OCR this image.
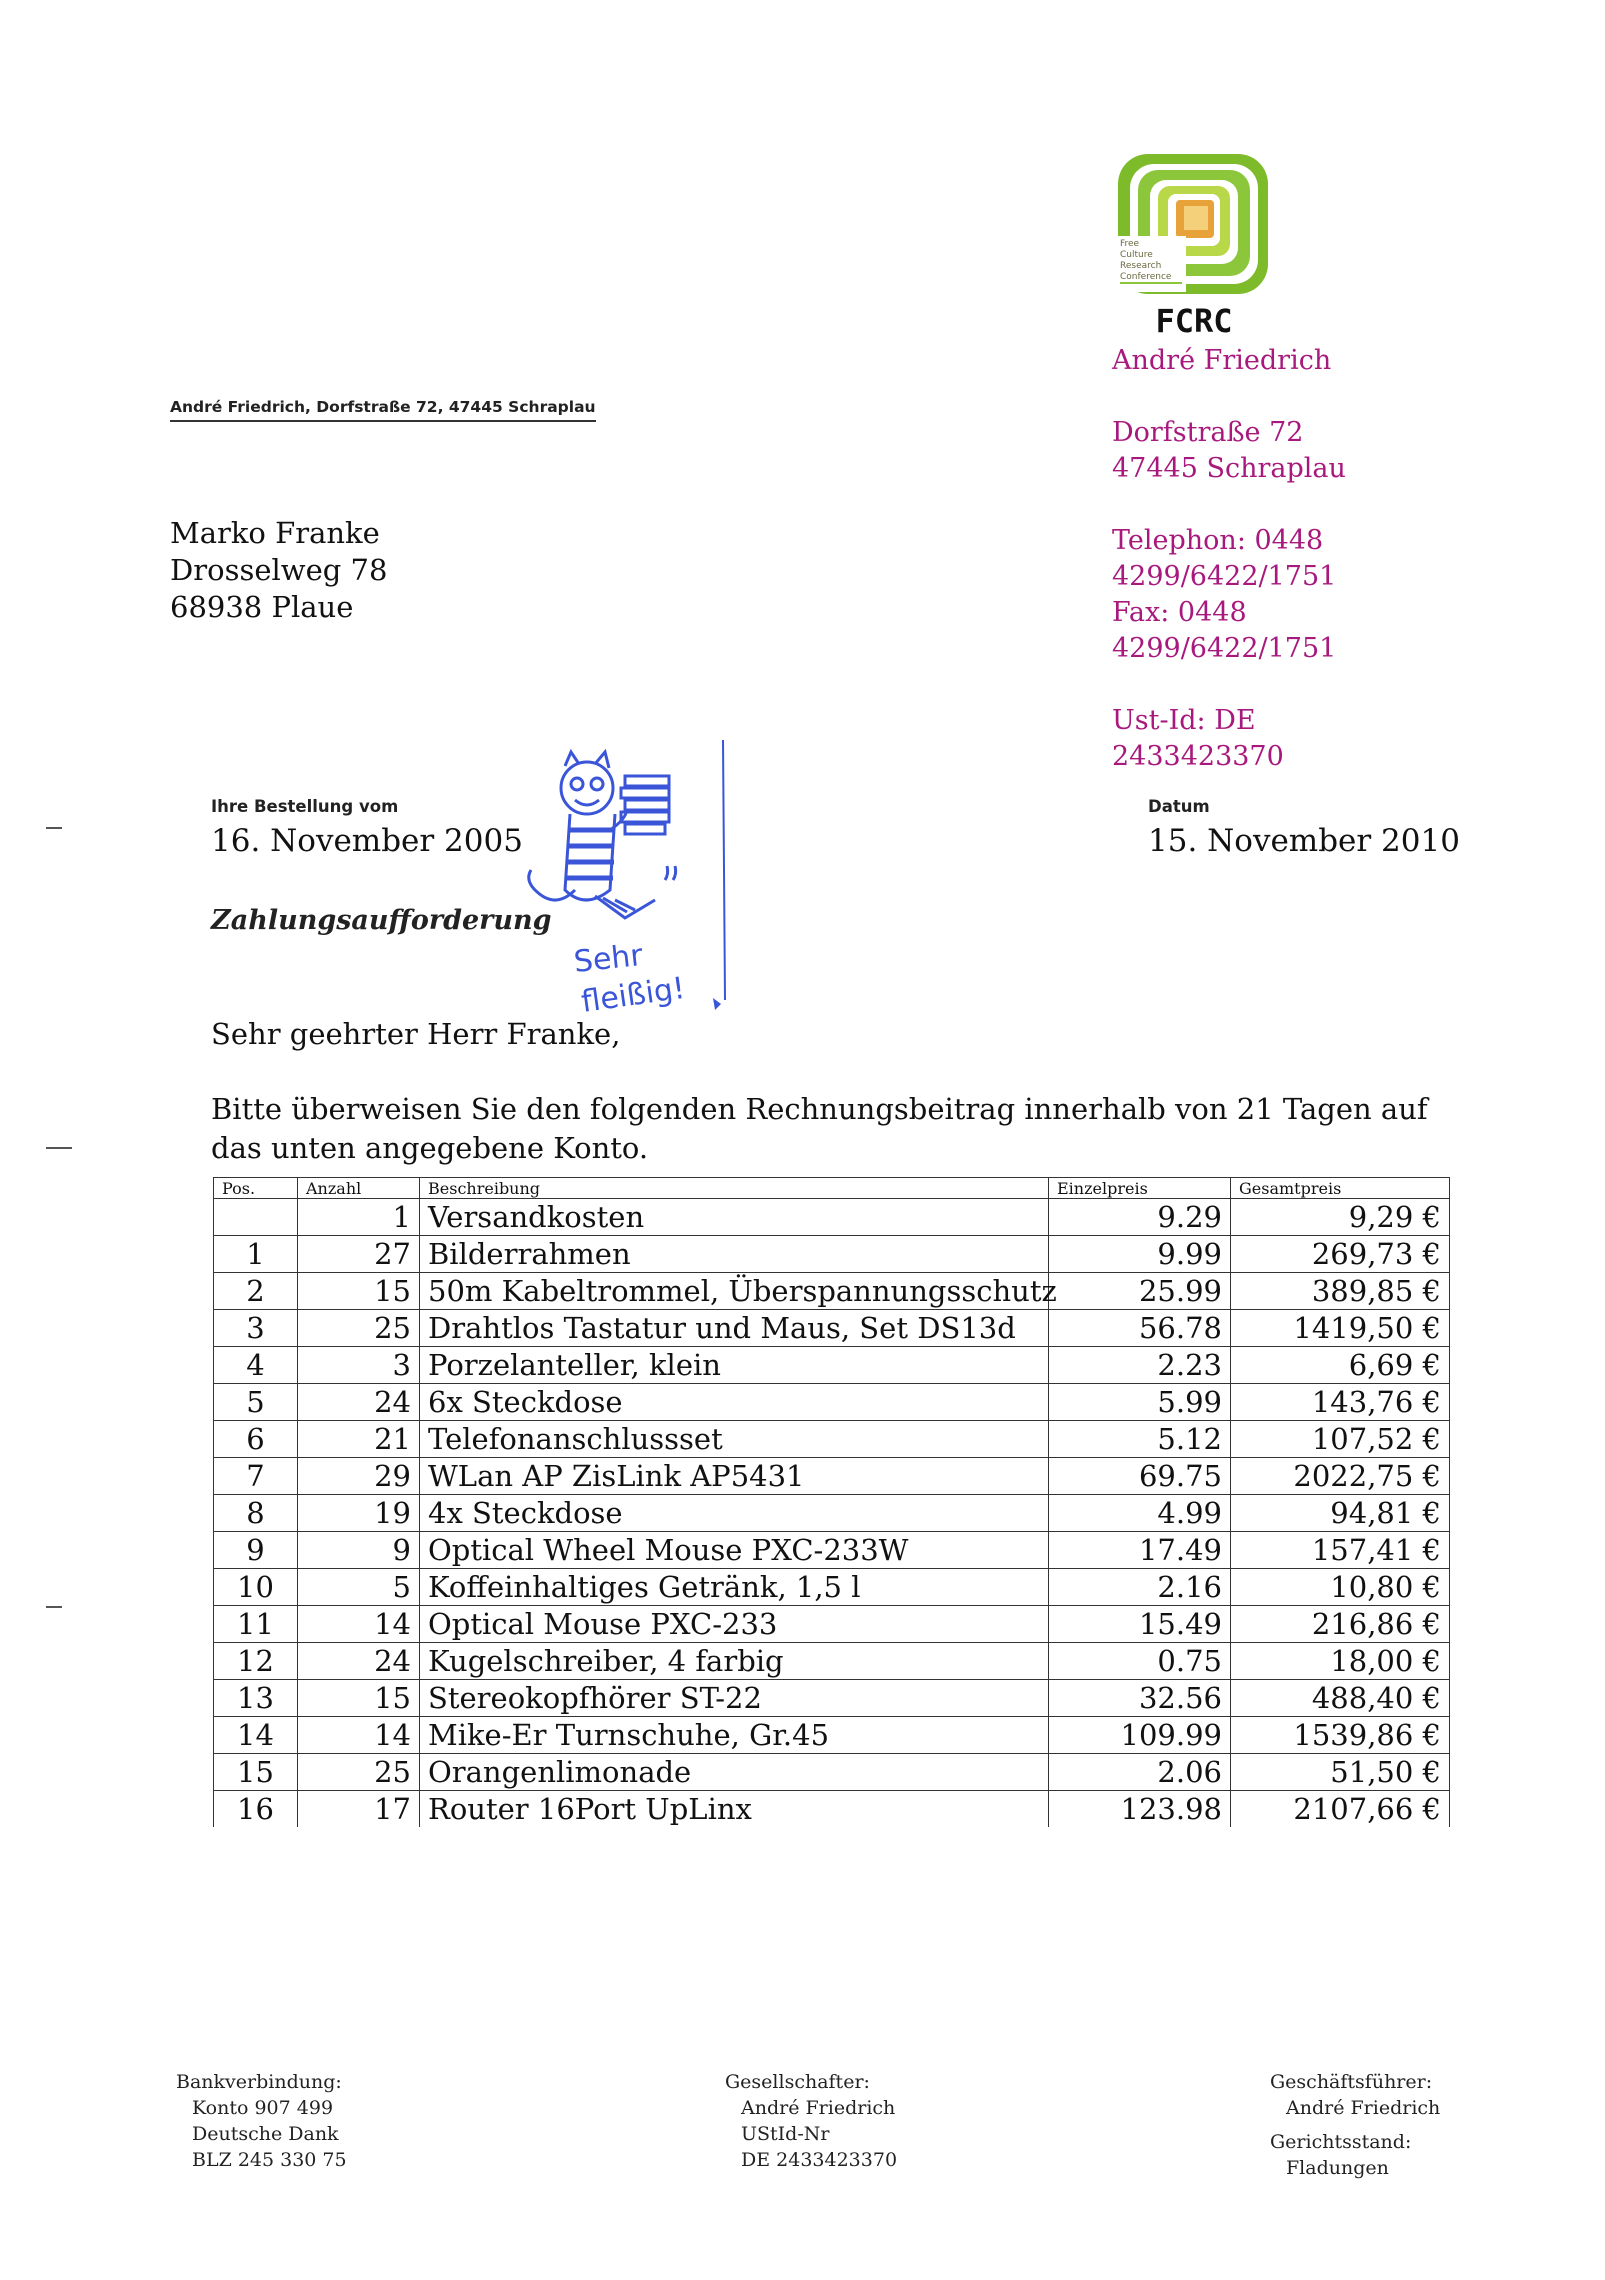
André Friedrich, Dorfstraße 72, 47445 Schraplau
Marko Franke
Drosselweg 78
68938 Plaue
Free
Culture
Research
Conference
FCRC
André Friedrich
Dorfstraße 72
47445 Schraplau
Telephon: 0448
4299/6422/1751
Fax: 0448
4299/6422/1751
Ust-Id: DE
2433423370
Ihre Bestellung vom
16. November 2005
Datum
15. November 2010
Sehr
fleißig!
Zahlungsaufforderung
Sehr geehrter Herr Franke,
Bitte überweisen Sie den folgenden Rechnungsbeitrag innerhalb von 21 Tagen auf das unten angegebene Konto.
Pos.	Anzahl	Beschreibung	Einzelpreis	Gesamtpreis
	1	Versandkosten	9.29	9,29 €
1	27	Bilderrahmen	9.99	269,73 €
2	15	50m Kabeltrommel, Überspannungsschutz	25.99	389,85 €
3	25	Drahtlos Tastatur und Maus, Set DS13d	56.78	1419,50 €
4	3	Porzelanteller, klein	2.23	6,69 €
5	24	6x Steckdose	5.99	143,76 €
6	21	Telefonanschlussset	5.12	107,52 €
7	29	WLan AP ZisLink AP5431	69.75	2022,75 €
8	19	4x Steckdose	4.99	94,81 €
9	9	Optical Wheel Mouse PXC-233W	17.49	157,41 €
10	5	Koffeinhaltiges Getränk, 1,5 l	2.16	10,80 €
11	14	Optical Mouse PXC-233	15.49	216,86 €
12	24	Kugelschreiber, 4 farbig	0.75	18,00 €
13	15	Stereokopfhörer ST-22	32.56	488,40 €
14	14	Mike-Er Turnschuhe, Gr.45	109.99	1539,86 €
15	25	Orangenlimonade	2.06	51,50 €
16	17	Router 16Port UpLinx	123.98	2107,66 €
Bankverbindung:
Konto 907 499
Deutsche Dank
BLZ 245 330 75
Gesellschafter:
André Friedrich
UStId-Nr
DE 2433423370
Geschäftsführer:
André Friedrich
Gerichtsstand:
Fladungen
